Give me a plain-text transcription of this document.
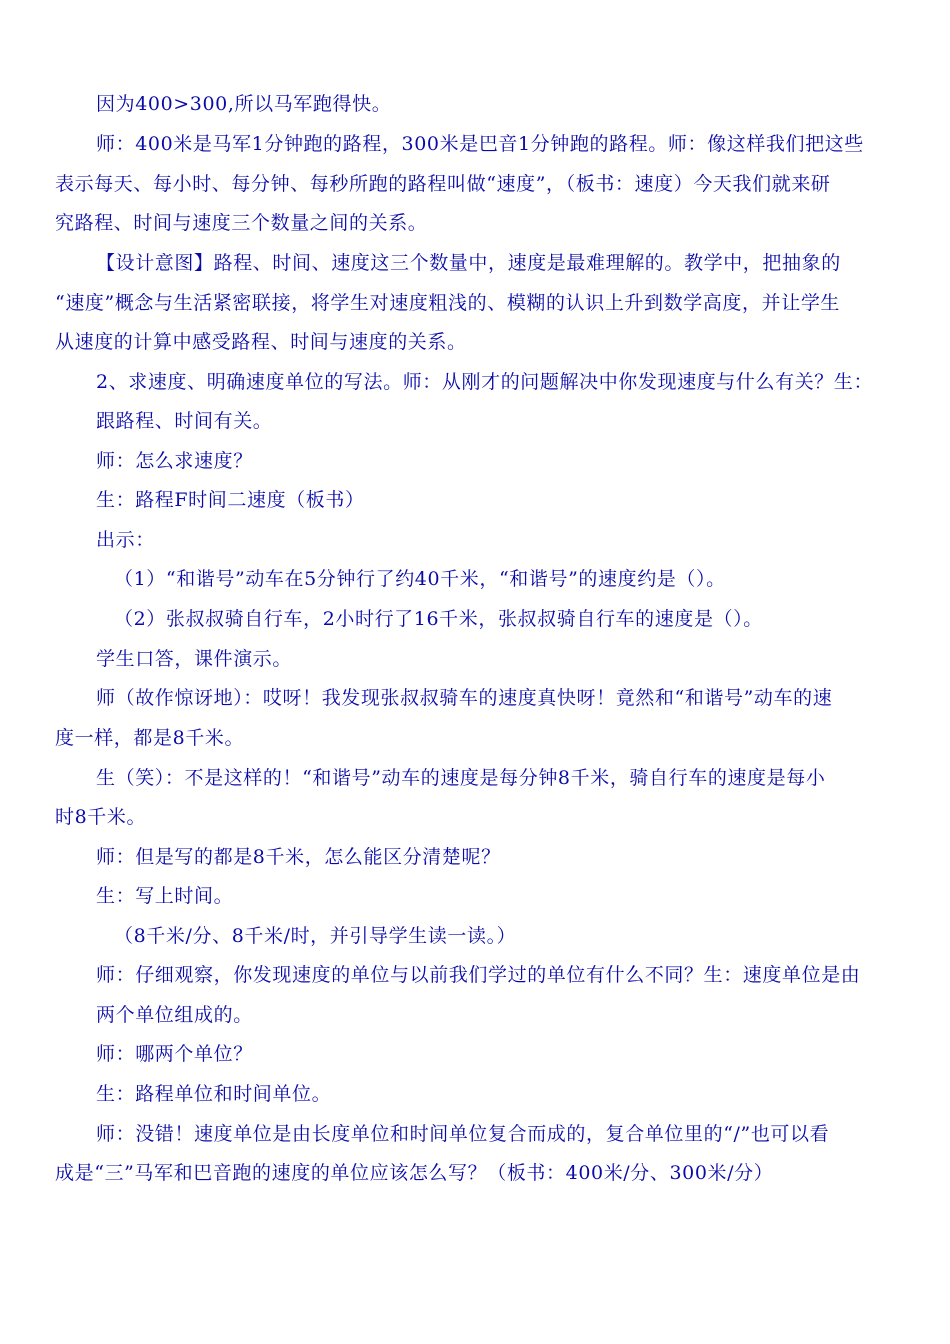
因为400>300,所以马军跑得快。
师：400米是马军1分钟跑的路程，300米是巴音1分钟跑的路程。师：像这样我们把这些
表示每天、每小时、每分钟、每秒所跑的路程叫做“速度”，（板书：速度）今天我们就来研
究路程、时间与速度三个数量之间的关系。
【设计意图】路程、时间、速度这三个数量中，速度是最难理解的。教学中，把抽象的
“速度”概念与生活紧密联接，将学生对速度粗浅的、模糊的认识上升到数学高度，并让学生
从速度的计算中感受路程、时间与速度的关系。
2、求速度、明确速度单位的写法。师：从刚才的问题解决中你发现速度与什么有关？生：
跟路程、时间有关。
师：怎么求速度？
生：路程F时间二速度（板书）
出示：
（1）“和谐号”动车在5分钟行了约40千米，“和谐号”的速度约是（）。
（2）张叔叔骑自行车，2小时行了16千米，张叔叔骑自行车的速度是（）。
学生口答，课件演示。
师（故作惊讶地）：哎呀！我发现张叔叔骑车的速度真快呀！竟然和“和谐号”动车的速
度一样，都是8千米。
生（笑）：不是这样的！“和谐号”动车的速度是每分钟8千米，骑自行车的速度是每小
时8千米。
师：但是写的都是8千米，怎么能区分清楚呢？
生：写上时间。
（8千米/分、8千米/时，并引导学生读一读。）
师：仔细观察，你发现速度的单位与以前我们学过的单位有什么不同？生：速度单位是由
两个单位组成的。
师：哪两个单位？
生：路程单位和时间单位。
师：没错！速度单位是由长度单位和时间单位复合而成的，复合单位里的“/”也可以看
成是“三”马军和巴音跑的速度的单位应该怎么写？（板书：400米/分、300米/分）
